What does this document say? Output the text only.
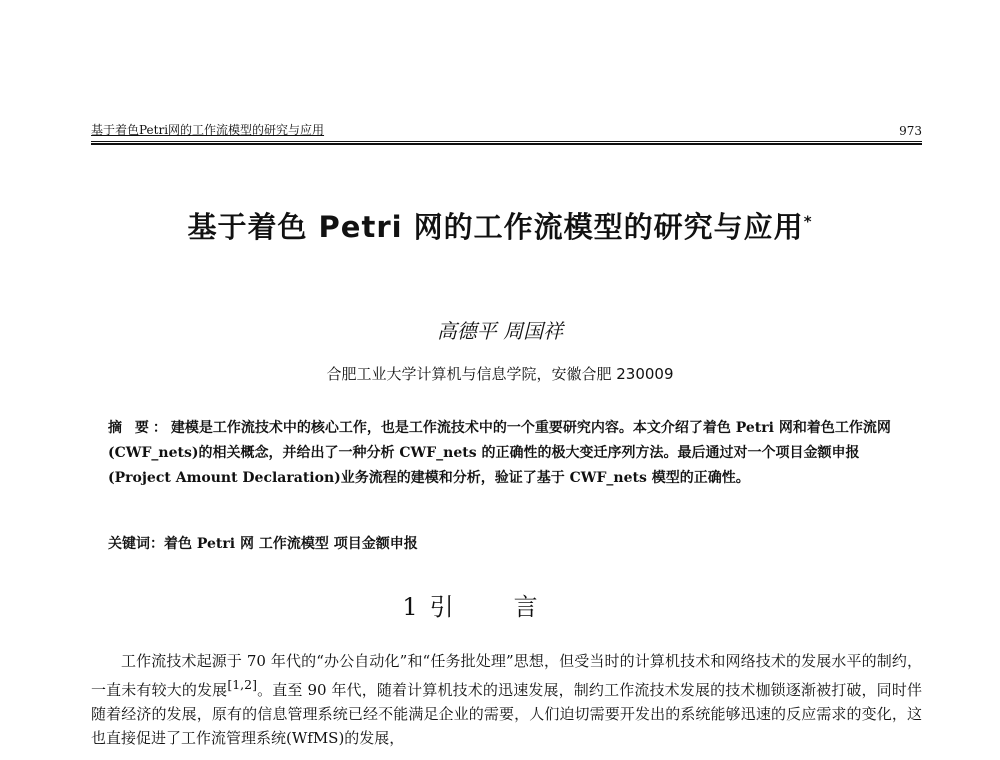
基于着色Petri网的工作流模型的研究与应用	973
基于着色 Petri 网的工作流模型的研究与应用*
高德平 周国祥
合肥工业大学计算机与信息学院，安徽合肥 230009

摘 要：建模是工作流技术中的核心工作，也是工作流技术中的一个重要研究内容。本文介绍了着色 Petri 网和着色工作流网(CWF_nets)的相关概念，并给出了一种分析 CWF_nets 的正确性的极大变迁序列方法。最后通过对一个项目金额申报(Project Amount Declaration)业务流程的建模和分析，验证了基于 CWF_nets 模型的正确性。

关键词：着色 Petri 网 工作流模型 项目金额申报

1 引言

工作流技术起源于 70 年代的“办公自动化”和“任务批处理”思想，但受当时的计算机技术和网络技术的发展水平的制约，一直未有较大的发展[1,2]。直至 90 年代，随着计算机技术的迅速发展，制约工作流技术发展的技术枷锁逐渐被打破，同时伴随着经济的发展，原有的信息管理系统已经不能满足企业的需要，人们迫切需要开发出的系统能够迅速的反应需求的变化，这也直接促进了工作流管理系统(WfMS)的发展，
